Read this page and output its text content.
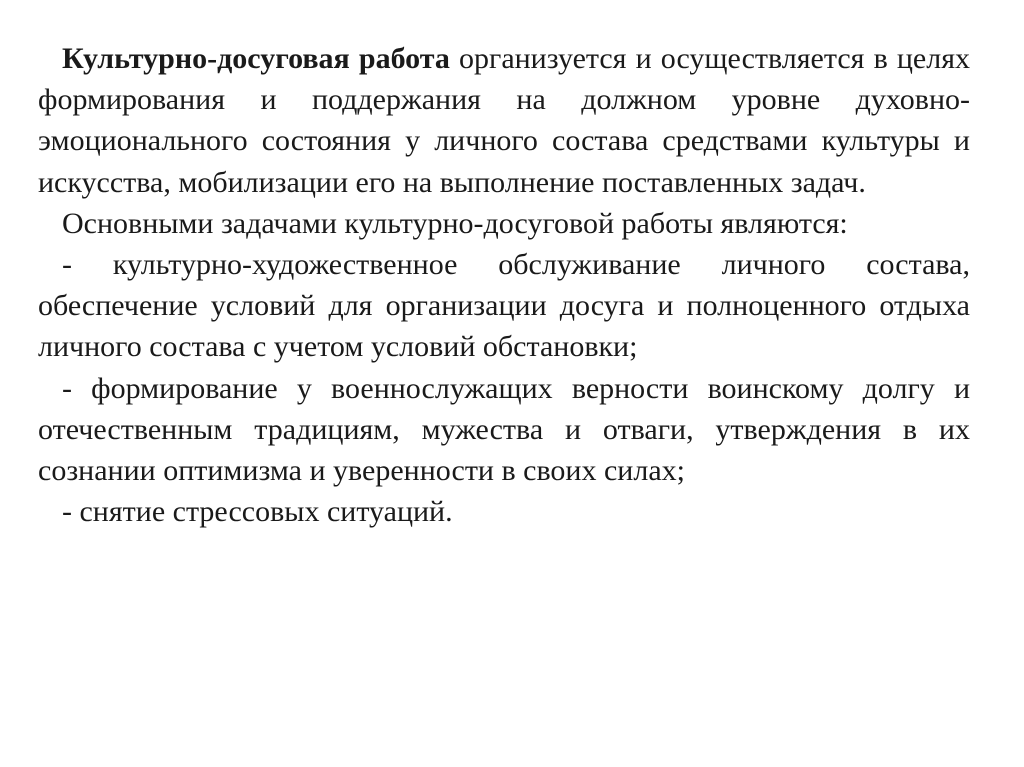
Культурно-досуговая работа организуется и осуществляется в целях формирования и поддержания на должном уровне духовно-эмоционального состояния у личного состава средствами культуры и искусства, мобилизации его на выполнение поставленных задач.

Основными задачами культурно-досуговой работы являются:

- культурно-художественное обслуживание личного состава, обеспечение условий для организации досуга и полноценного отдыха личного состава с учетом условий обстановки;

- формирование у военнослужащих верности воинскому долгу и отечественным традициям, мужества и отваги, утверждения в их сознании оптимизма и уверенности в своих силах;

- снятие стрессовых ситуаций.
